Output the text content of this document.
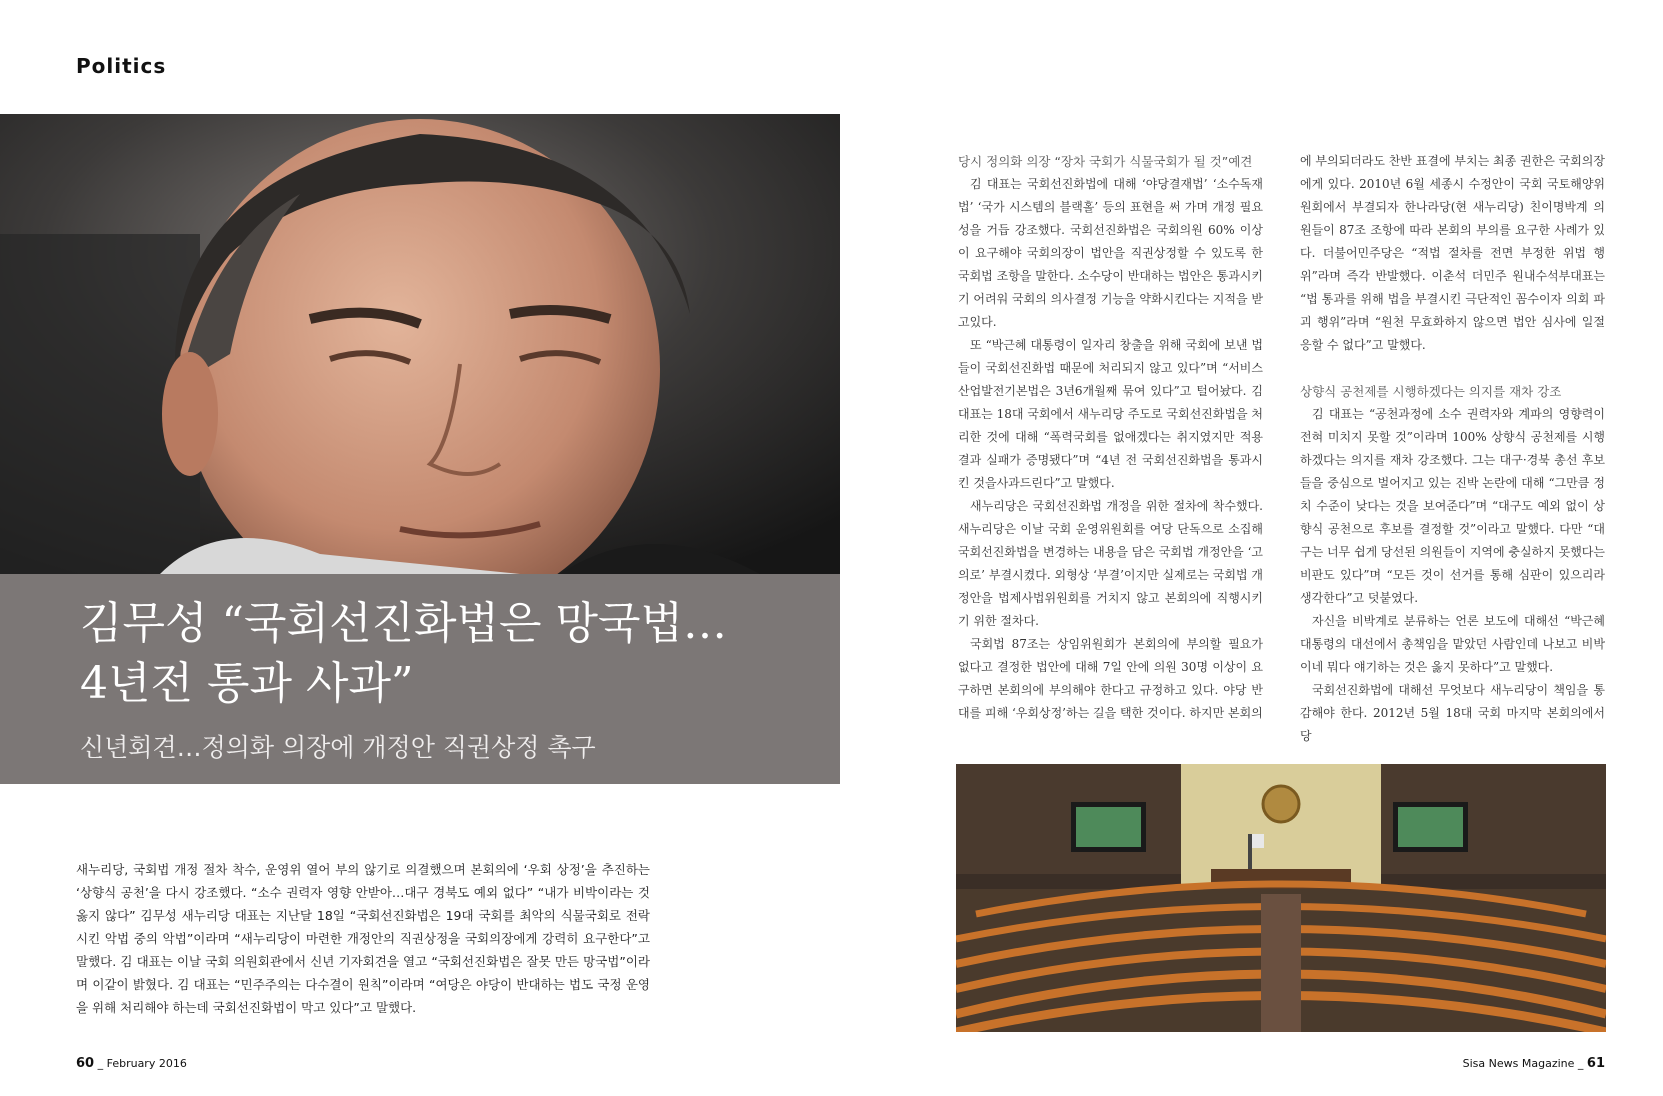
Politics
김무성 “국회선진화법은 망국법…
4년전 통과 사과”

신년회견…정의화 의장에 개정안 직권상정 촉구

새누리당, 국회법 개정 절차 착수, 운영위 열어 부의 않기로 의결했으며 본회의에 ‘우회 상정’을 추진하는 ‘상향식 공천’을 다시 강조했다. “소수 권력자 영향 안받아…대구 경북도 예외 없다” “내가 비박이라는 것 옳지 않다” 김무성 새누리당 대표는 지난달 18일 “국회선진화법은 19대 국회를 최악의 식물국회로 전락시킨 악법 중의 악법”이라며 “새누리당이 마련한 개정안의 직권상정을 국회의장에게 강력히 요구한다”고 말했다. 김 대표는 이날 국회 의원회관에서 신년 기자회견을 열고 “국회선진화법은 잘못 만든 망국법”이라며 이같이 밝혔다. 김 대표는 “민주주의는 다수결이 원칙”이라며 “여당은 야당이 반대하는 법도 국정 운영을 위해 처리해야 하는데 국회선진화법이 막고 있다”고 말했다.

당시 정의화 의장 “장차 국회가 식물국회가 될 것”예견

김 대표는 국회선진화법에 대해 ‘야당결재법’ ‘소수독재법’ ‘국가 시스템의 블랙홀’ 등의 표현을 써 가며 개정 필요성을 거듭 강조했다. 국회선진화법은 국회의원 60% 이상이 요구해야 국회의장이 법안을 직권상정할 수 있도록 한 국회법 조항을 말한다. 소수당이 반대하는 법안은 통과시키기 어려워 국회의 의사결정 기능을 약화시킨다는 지적을 받고있다.

또 “박근혜 대통령이 일자리 창출을 위해 국회에 보낸 법들이 국회선진화법 때문에 처리되지 않고 있다”며 “서비스산업발전기본법은 3년6개월째 묶여 있다”고 털어놨다. 김 대표는 18대 국회에서 새누리당 주도로 국회선진화법을 처리한 것에 대해 “폭력국회를 없애겠다는 취지였지만 적용결과 실패가 증명됐다”며 “4년 전 국회선진화법을 통과시킨 것을사과드린다”고 말했다.

새누리당은 국회선진화법 개정을 위한 절차에 착수했다. 새누리당은 이날 국회 운영위원회를 여당 단독으로 소집해 국회선진화법을 변경하는 내용을 담은 국회법 개정안을 ‘고의로’ 부결시켰다. 외형상 ‘부결’이지만 실제로는 국회법 개정안을 법제사법위원회를 거치지 않고 본회의에 직행시키기 위한 절차다.

국회법 87조는 상임위원회가 본회의에 부의할 필요가 없다고 결정한 법안에 대해 7일 안에 의원 30명 이상이 요구하면 본회의에 부의해야 한다고 규정하고 있다. 야당 반대를 피해 ‘우회상정’하는 길을 택한 것이다. 하지만 본회의

에 부의되더라도 찬반 표결에 부치는 최종 권한은 국회의장에게 있다. 2010년 6월 세종시 수정안이 국회 국토해양위원회에서 부결되자 한나라당(현 새누리당) 친이명박계 의원들이 87조 조항에 따라 본회의 부의를 요구한 사례가 있다. 더불어민주당은 “적법 절차를 전면 부정한 위법 행위”라며 즉각 반발했다. 이춘석 더민주 원내수석부대표는 “법 통과를 위해 법을 부결시킨 극단적인 꼼수이자 의회 파괴 행위”라며 “원천 무효화하지 않으면 법안 심사에 일절 응할 수 없다”고 말했다.

상향식 공천제를 시행하겠다는 의지를 재차 강조

김 대표는 “공천과정에 소수 권력자와 계파의 영향력이 전혀 미치지 못할 것”이라며 100% 상향식 공천제를 시행하겠다는 의지를 재차 강조했다. 그는 대구·경북 총선 후보들을 중심으로 벌어지고 있는 진박 논란에 대해 “그만큼 정치 수준이 낮다는 것을 보여준다”며 “대구도 예외 없이 상향식 공천으로 후보를 결정할 것”이라고 말했다. 다만 “대구는 너무 쉽게 당선된 의원들이 지역에 충실하지 못했다는 비판도 있다”며 “모든 것이 선거를 통해 심판이 있으리라 생각한다”고 덧붙였다.

자신을 비박계로 분류하는 언론 보도에 대해선 “박근혜 대통령의 대선에서 총책임을 맡았던 사람인데 나보고 비박이네 뭐다 얘기하는 것은 옳지 못하다”고 말했다.

국회선진화법에 대해선 무엇보다 새누리당이 책임을 통감해야 한다. 2012년 5월 18대 국회 마지막 본회의에서 당

60 _ February 2016	Sisa News Magazine _ 61
